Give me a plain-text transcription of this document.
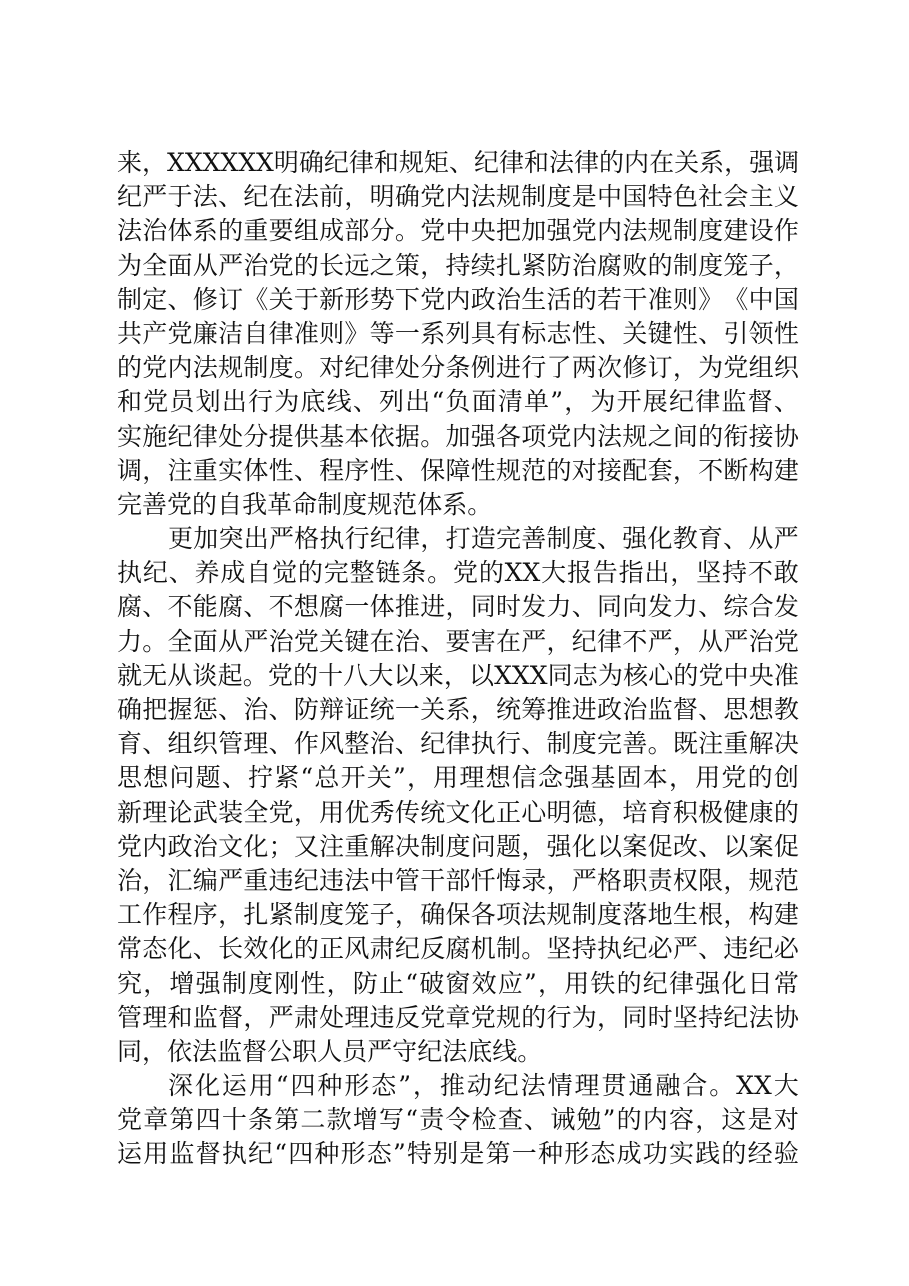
来 ， XXXXXX 明 确 纪 律 和 规 矩 、 纪 律 和 法 律 的 内 在 关 系 ， 强 调
纪 严 于 法 、 纪 在 法 前 ， 明 确 党 内 法 规 制 度 是 中 国 特 色 社 会 主 义
法 治 体 系 的 重 要 组 成 部 分 。 党 中 央 把 加 强 党 内 法 规 制 度 建 设 作
为 全 面 从 严 治 党 的 长 远 之 策 ， 持 续 扎 紧 防 治 腐 败 的 制 度 笼 子 ，
制 定 、 修 订 《 关 于 新 形 势 下 党 内 政 治 生 活 的 若 干 准 则 》 《 中 国
共 产 党 廉 洁 自 律 准 则 》 等 一 系 列 具 有 标 志 性 、 关 键 性 、 引 领 性
的 党 内 法 规 制 度 。 对 纪 律 处 分 条 例 进 行 了 两 次 修 订 ， 为 党 组 织
和 党 员 划 出 行 为 底 线 、 列 出 “ 负 面 清 单 ” ， 为 开 展 纪 律 监 督 、
实 施 纪 律 处 分 提 供 基 本 依 据 。 加 强 各 项 党 内 法 规 之 间 的 衔 接 协
调 ， 注 重 实 体 性 、 程 序 性 、 保 障 性 规 范 的 对 接 配 套 ， 不 断 构 建
完 善 党 的 自 我 革 命 制 度 规 范 体 系 。
更 加 突 出 严 格 执 行 纪 律 ， 打 造 完 善 制 度 、 强 化 教 育 、 从 严
执 纪 、 养 成 自 觉 的 完 整 链 条 。 党 的 XX 大 报 告 指 出 ， 坚 持 不 敢
腐 、 不 能 腐 、 不 想 腐 一 体 推 进 ， 同 时 发 力 、 同 向 发 力 、 综 合 发
力 。 全 面 从 严 治 党 关 键 在 治 、 要 害 在 严 ， 纪 律 不 严 ， 从 严 治 党
就 无 从 谈 起 。 党 的 十 八 大 以 来 ， 以 XXX 同 志 为 核 心 的 党 中 央 准
确 把 握 惩 、 治 、 防 辩 证 统 一 关 系 ， 统 筹 推 进 政 治 监 督 、 思 想 教
育 、 组 织 管 理 、 作 风 整 治 、 纪 律 执 行 、 制 度 完 善 。 既 注 重 解 决
思 想 问 题 、 拧 紧 “ 总 开 关 ” ， 用 理 想 信 念 强 基 固 本 ， 用 党 的 创
新 理 论 武 装 全 党 ， 用 优 秀 传 统 文 化 正 心 明 德 ， 培 育 积 极 健 康 的
党 内 政 治 文 化 ； 又 注 重 解 决 制 度 问 题 ， 强 化 以 案 促 改 、 以 案 促
治 ， 汇 编 严 重 违 纪 违 法 中 管 干 部 忏 悔 录 ， 严 格 职 责 权 限 ， 规 范
工 作 程 序 ， 扎 紧 制 度 笼 子 ， 确 保 各 项 法 规 制 度 落 地 生 根 ， 构 建
常 态 化 、 长 效 化 的 正 风 肃 纪 反 腐 机 制 。 坚 持 执 纪 必 严 、 违 纪 必
究 ， 增 强 制 度 刚 性 ， 防 止 “ 破 窗 效 应 ” ， 用 铁 的 纪 律 强 化 日 常
管 理 和 监 督 ， 严 肃 处 理 违 反 党 章 党 规 的 行 为 ， 同 时 坚 持 纪 法 协
同 ， 依 法 监 督 公 职 人 员 严 守 纪 法 底 线 。
深 化 运 用 “ 四 种 形 态 ” ， 推 动 纪 法 情 理 贯 通 融 合 。 XX 大
党 章 第 四 十 条 第 二 款 增 写 “ 责 令 检 查 、 诫 勉 ” 的 内 容 ， 这 是 对
运 用 监 督 执 纪 “ 四 种 形 态 ” 特 别 是 第 一 种 形 态 成 功 实 践 的 经 验
